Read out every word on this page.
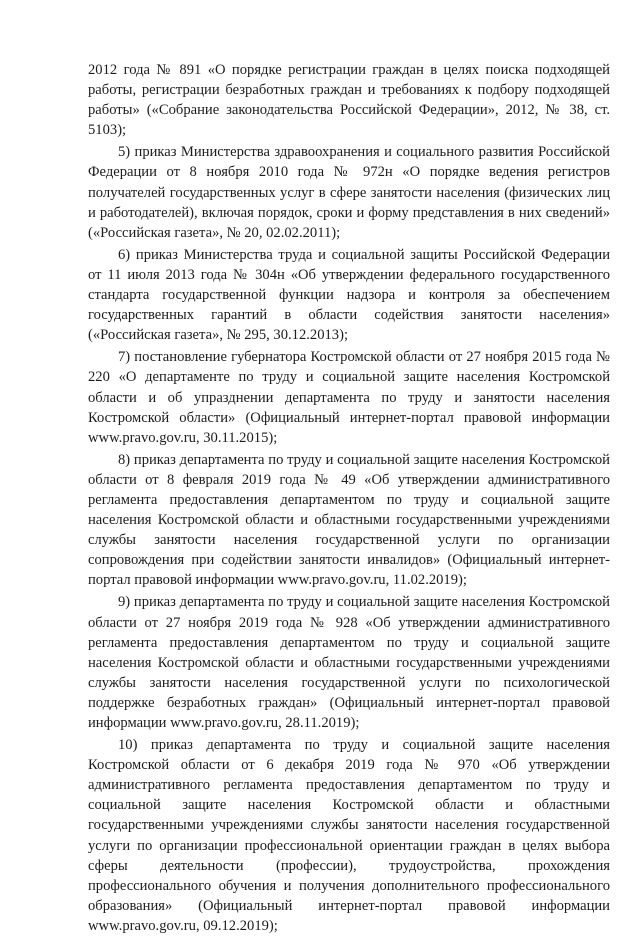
2012 года № 891 «О порядке регистрации граждан в целях поиска подходящей работы, регистрации безработных граждан и требованиях к подбору подходящей работы» («Собрание законодательства Российской Федерации», 2012, № 38, ст. 5103);

5) приказ Министерства здравоохранения и социального развития Российской Федерации от 8 ноября 2010 года № 972н «О порядке ведения регистров получателей государственных услуг в сфере занятости населения (физических лиц и работодателей), включая порядок, сроки и форму представления в них сведений» («Российская газета», № 20, 02.02.2011);

6) приказ Министерства труда и социальной защиты Российской Федерации от 11 июля 2013 года № 304н «Об утверждении федерального государственного стандарта государственной функции надзора и контроля за обеспечением государственных гарантий в области содействия занятости населения» («Российская газета», № 295, 30.12.2013);

7) постановление губернатора Костромской области от 27 ноября 2015 года № 220 «О департаменте по труду и социальной защите населения Костромской области и об упразднении департамента по труду и занятости населения Костромской области» (Официальный интернет-портал правовой информации www.pravo.gov.ru, 30.11.2015);

8) приказ департамента по труду и социальной защите населения Костромской области от 8 февраля 2019 года № 49 «Об утверждении административного регламента предоставления департаментом по труду и социальной защите населения Костромской области и областными государственными учреждениями службы занятости населения государственной услуги по организации сопровождения при содействии занятости инвалидов» (Официальный интернет-портал правовой информации www.pravo.gov.ru, 11.02.2019);

9) приказ департамента по труду и социальной защите населения Костромской области от 27 ноября 2019 года № 928 «Об утверждении административного регламента предоставления департаментом по труду и социальной защите населения Костромской области и областными государственными учреждениями службы занятости населения государственной услуги по психологической поддержке безработных граждан» (Официальный интернет-портал правовой информации www.pravo.gov.ru, 28.11.2019);

10) приказ департамента по труду и социальной защите населения Костромской области от 6 декабря 2019 года № 970 «Об утверждении административного регламента предоставления департаментом по труду и социальной защите населения Костромской области и областными государственными учреждениями службы занятости населения государственной услуги по организации профессиональной ориентации граждан в целях выбора сферы деятельности (профессии), трудоустройства, прохождения профессионального обучения и получения дополнительного профессионального образования» (Официальный интернет-портал правовой информации www.pravo.gov.ru, 09.12.2019);
